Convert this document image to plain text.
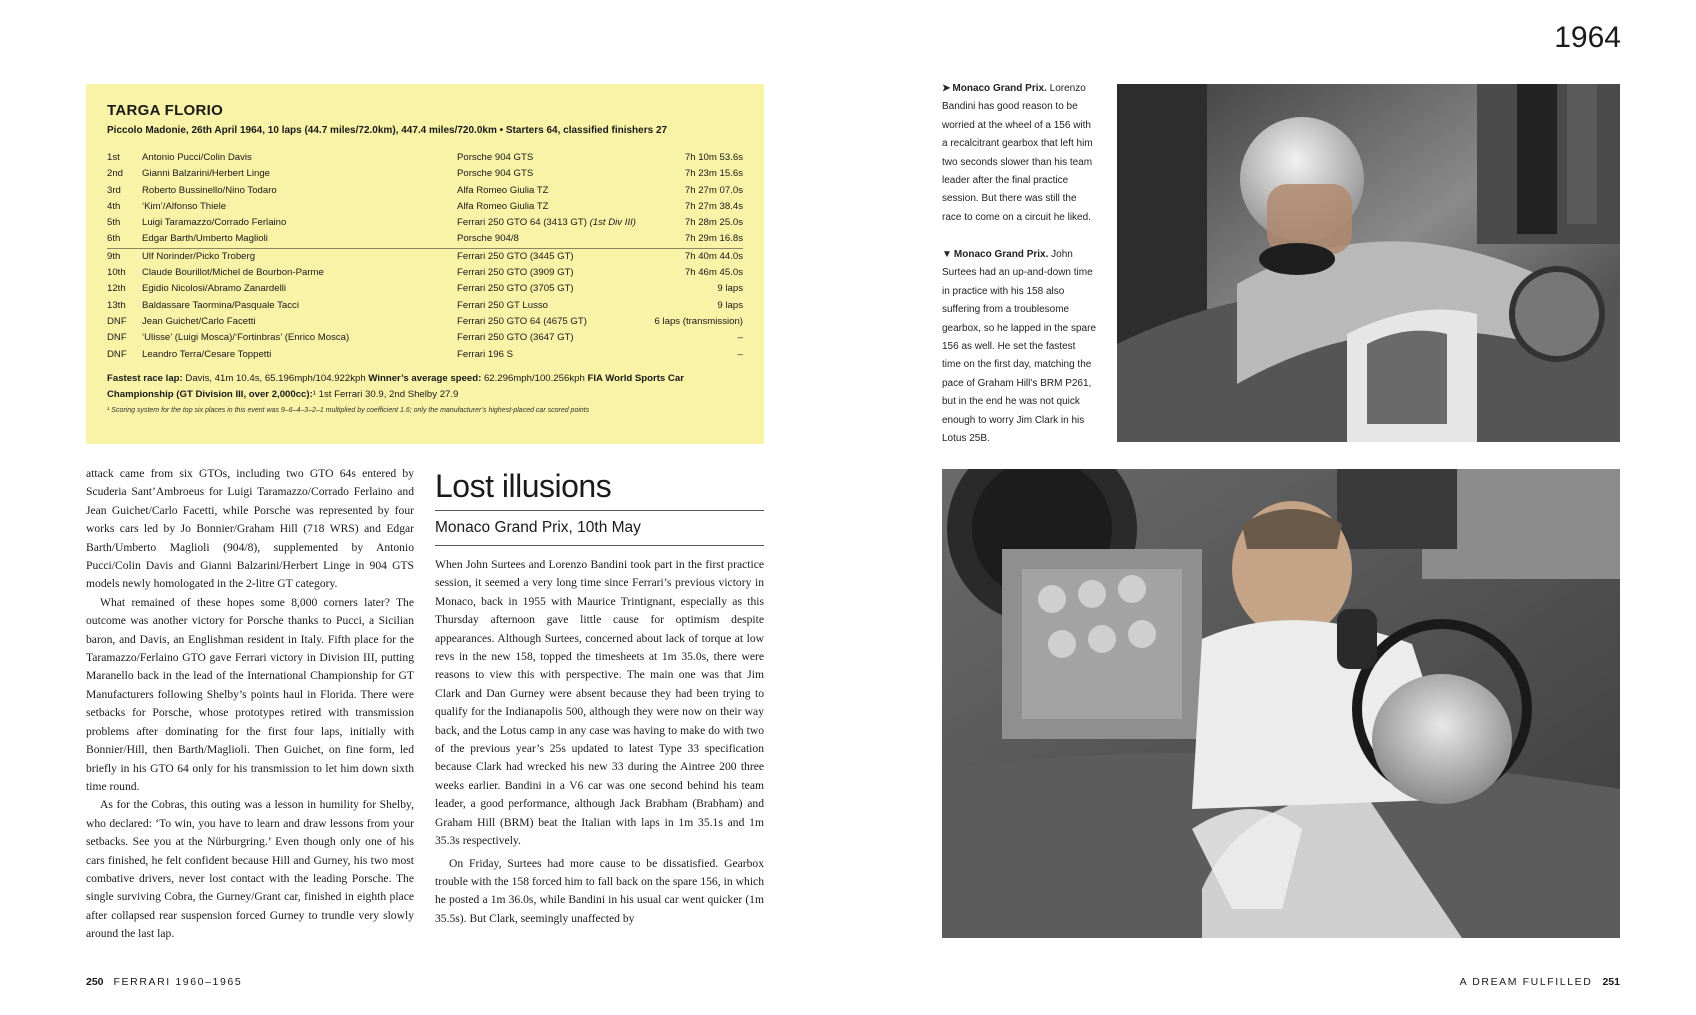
TARGA FLORIO
Piccolo Madonie, 26th April 1964, 10 laps (44.7 miles/72.0km), 447.4 miles/720.0km • Starters 64, classified finishers 27
1st	Antonio Pucci/Colin Davis	Porsche 904 GTS	7h 10m 53.6s
2nd	Gianni Balzarini/Herbert Linge	Porsche 904 GTS	7h 23m 15.6s
3rd	Roberto Bussinello/Nino Todaro	Alfa Romeo Giulia TZ	7h 27m 07.0s
4th	‘Kim’/Alfonso Thiele	Alfa Romeo Giulia TZ	7h 27m 38.4s
5th	Luigi Taramazzo/Corrado Ferlaino	Ferrari 250 GTO 64 (3413 GT) (1st Div III)	7h 28m 25.0s
6th	Edgar Barth/Umberto Maglioli	Porsche 904/8	7h 29m 16.8s
9th	Ulf Norinder/Picko Troberg	Ferrari 250 GTO (3445 GT)	7h 40m 44.0s
10th	Claude Bourillot/Michel de Bourbon-Parme	Ferrari 250 GTO (3909 GT)	7h 46m 45.0s
12th	Egidio Nicolosi/Abramo Zanardelli	Ferrari 250 GTO (3705 GT)	9 laps
13th	Baldassare Taormina/Pasquale Tacci	Ferrari 250 GT Lusso	9 laps
DNF	Jean Guichet/Carlo Facetti	Ferrari 250 GTO 64 (4675 GT)	6 laps (transmission)
DNF	‘Ulisse’ (Luigi Mosca)/‘Fortinbras’ (Enrico Mosca)	Ferrari 250 GTO (3647 GT)	–
DNF	Leandro Terra/Cesare Toppetti	Ferrari 196 S	–
Fastest race lap: Davis, 41m 10.4s, 65.196mph/104.922kph Winner’s average speed: 62.296mph/100.256kph FIA World Sports Car Championship (GT Division III, over 2,000cc):¹ 1st Ferrari 30.9, 2nd Shelby 27.9
¹ Scoring system for the top six places in this event was 9–6–4–3–2–1 multiplied by coefficient 1.6; only the manufacturer’s highest-placed car scored points

attack came from six GTOs, including two GTO 64s entered by Scuderia Sant’Ambroeus for Luigi Taramazzo/Corrado Ferlaino and Jean Guichet/Carlo Facetti, while Porsche was represented by four works cars led by Jo Bonnier/Graham Hill (718 WRS) and Edgar Barth/Umberto Maglioli (904/8), supplemented by Antonio Pucci/Colin Davis and Gianni Balzarini/Herbert Linge in 904 GTS models newly homologated in the 2-litre GT category.

What remained of these hopes some 8,000 corners later? The outcome was another victory for Porsche thanks to Pucci, a Sicilian baron, and Davis, an Englishman resident in Italy. Fifth place for the Taramazzo/Ferlaino GTO gave Ferrari victory in Division III, putting Maranello back in the lead of the International Championship for GT Manufacturers following Shelby’s points haul in Florida. There were setbacks for Porsche, whose prototypes retired with transmission problems after dominating for the first four laps, initially with Bonnier/Hill, then Barth/Maglioli. Then Guichet, on fine form, led briefly in his GTO 64 only for his transmission to let him down sixth time round.

As for the Cobras, this outing was a lesson in humility for Shelby, who declared: ‘To win, you have to learn and draw lessons from your setbacks. See you at the Nürburgring.’ Even though only one of his cars finished, he felt confident because Hill and Gurney, his two most combative drivers, never lost contact with the leading Porsche. The single surviving Cobra, the Gurney/Grant car, finished in eighth place after collapsed rear suspension forced Gurney to trundle very slowly around the last lap.

Lost illusions
Monaco Grand Prix, 10th May

When John Surtees and Lorenzo Bandini took part in the first practice session, it seemed a very long time since Ferrari’s previous victory in Monaco, back in 1955 with Maurice Trintignant, especially as this Thursday afternoon gave little cause for optimism despite appearances. Although Surtees, concerned about lack of torque at low revs in the new 158, topped the timesheets at 1m 35.0s, there were reasons to view this with perspective. The main one was that Jim Clark and Dan Gurney were absent because they had been trying to qualify for the Indianapolis 500, although they were now on their way back, and the Lotus camp in any case was having to make do with two of the previous year’s 25s updated to latest Type 33 specification because Clark had wrecked his new 33 during the Aintree 200 three weeks earlier. Bandini in a V6 car was one second behind his team leader, a good performance, although Jack Brabham (Brabham) and Graham Hill (BRM) beat the Italian with laps in 1m 35.1s and 1m 35.3s respectively.

On Friday, Surtees had more cause to be dissatisfied. Gearbox trouble with the 158 forced him to fall back on the spare 156, in which he posted a 1m 36.0s, while Bandini in his usual car went quicker (1m 35.5s). But Clark, seemingly unaffected by

250 FERRARI 1960–1965
1964
➤ Monaco Grand Prix. Lorenzo Bandini has good reason to be worried at the wheel of a 156 with a recalcitrant gearbox that left him two seconds slower than his team leader after the final practice session. But there was still the race to come on a circuit he liked.
▼ Monaco Grand Prix. John Surtees had an up-and-down time in practice with his 158 also suffering from a troublesome gearbox, so he lapped in the spare 156 as well. He set the fastest time on the first day, matching the pace of Graham Hill’s BRM P261, but in the end he was not quick enough to worry Jim Clark in his Lotus 25B.
A DREAM FULFILLED 251
